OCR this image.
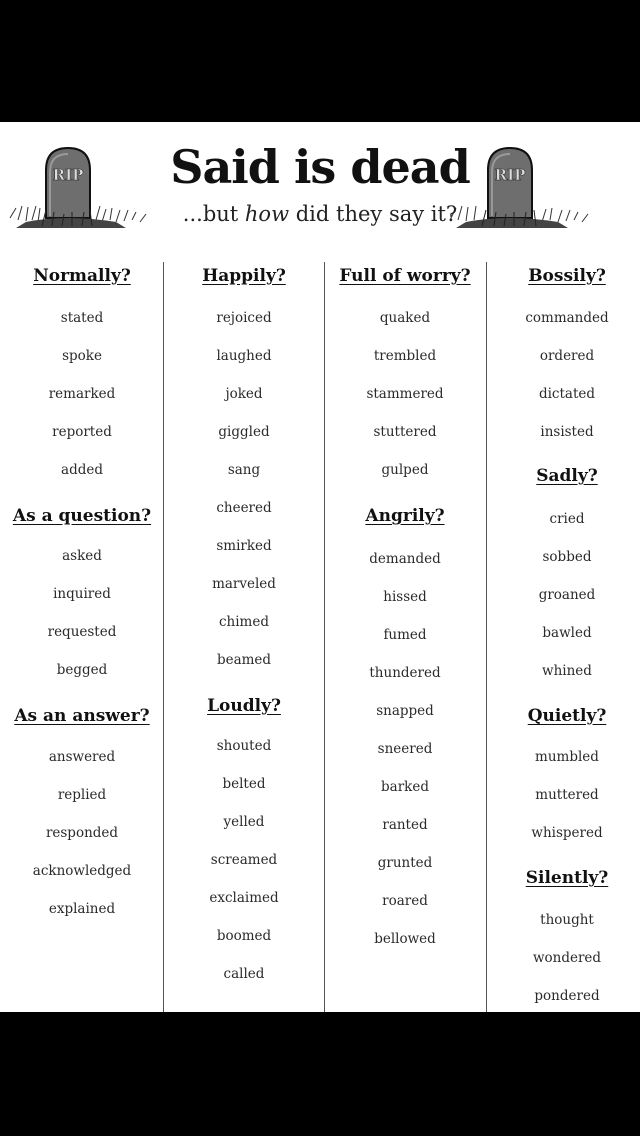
RIP	RIP
Said is dead
...but how did they say it?
Normally?
stated
spoke
remarked
reported
added
As a question?
asked
inquired
requested
begged
As an answer?
answered
replied
responded
acknowledged
explained
Happily?
rejoiced
laughed
joked
giggled
sang
cheered
smirked
marveled
chimed
beamed
Loudly?
shouted
belted
yelled
screamed
exclaimed
boomed
called
Full of worry?
quaked
trembled
stammered
stuttered
gulped
Angrily?
demanded
hissed
fumed
thundered
snapped
sneered
barked
ranted
grunted
roared
bellowed
Bossily?
commanded
ordered
dictated
insisted
Sadly?
cried
sobbed
groaned
bawled
whined
Quietly?
mumbled
muttered
whispered
Silently?
thought
wondered
pondered
